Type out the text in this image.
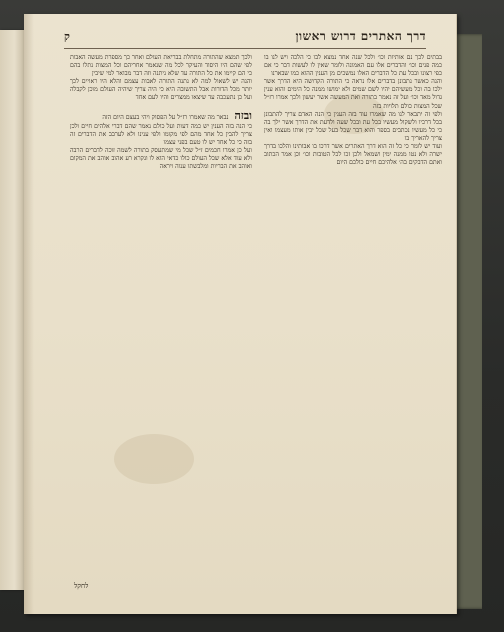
דרך האתרים דרוש ראשון
ק

בבתים לכך נם אותיות וכו׳ ולכל שנה אחד נמצא לבו כי הלכה ויש לנו בו כמה פנים וכו׳ והדברים אלו עם האמונה ולומר שאין לו לעשות דבר כי אם כפי רצונו ובכל עת כל הדברים האלו נמשכים מן הענין ההוא כמו שבארנו

והנה כאשר נתבונן בדברים אלו נראה כי התורה הקדושה היא הדרך אשר ילכו בה וכל מעשיהם יהיו לשם שמים ולא ימושו ממנה כל הימים והוא ענין גדול מאד וכו׳ ועל זה נאמר בתורה ואת המעשה אשר יעשון ולכך אמרו רז״ל שכל המצות כולם תלויות בזה

ולפי זה יתבאר לנו מה שאמרו עוד בזה הענין כי הנה האדם צריך להתבונן בכל דרכיו ולשקול מעשיו בכל עת ובכל שעה ולדעת את הדרך אשר ילך בה כי כל מעשיו נכתבים בספר והוא דבר שכל בעל שכל יבין אותו מעצמו ואין צריך להאריך בו

ועוד יש לומר כי כל זה הוא דרך האתרים אשר דרכו בו אבותינו והלכו בדרך ישרה ולא נטו ממנה ימין ושמאל ולכן זכו לכל הטובות וכו׳ וכן אמר הכתוב ואתם הדבקים בה׳ אלהיכם חיים כולכם היום

ולכך תמצא שהתורה מתחלת בבריאת העולם ואחר כך מספרת מעשה האבות לפי שהם היו היסוד והעיקר לכל מה שנאמר אחריהם וכל המצות נתלו בהם כי הם קיימו את כל התורה עד שלא ניתנה וזה דבר מבואר למי שיבין

והנה יש לשאול למה לא נתנה התורה לאבות עצמם והלא היו ראויים לכך יותר מכל הדורות אבל התשובה היא כי היה צריך שיהיה העולם מוכן לקבלה ועל כן נתעכבה עד שיצאו ממצרים והיו לעם אחד

ובזה
נבאר מה שאמרו רז״ל על הפסוק ויהי בעצם היום הזה

כי הנה בזה הענין יש כמה דעות ועל כולם נאמר שהם דברי אלהים חיים ולכן צריך להבין כל אחד מהם לפי מקומו ולפי ענינו ולא לערבב את הדברים זה בזה כי כל אחד יש לו טעם בפני עצמו

ועל כן אמרו חכמים ז״ל שכל מי שמתעסק בתורה לשמה זוכה לדברים הרבה ולא עוד אלא שכל העולם כולו כדאי הוא לו ונקרא רע אהוב אוהב את המקום ואוהב את הבריות ומלבשתו ענוה ויראה

לחקל
